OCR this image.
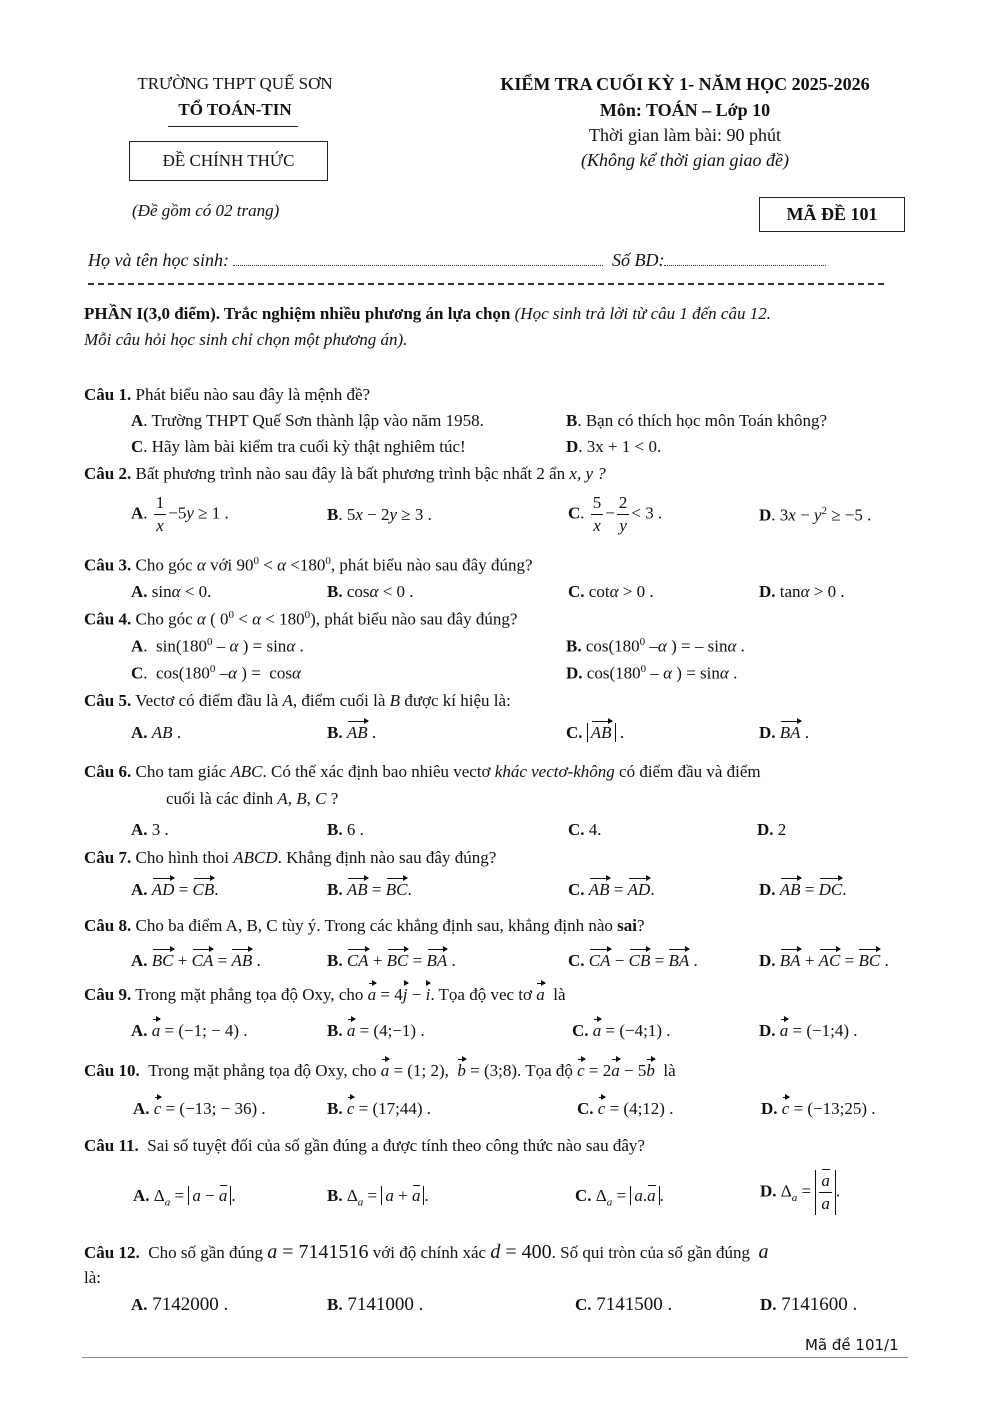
TRƯỜNG THPT QUẾ SƠN
TỔ TOÁN-TIN
ĐỀ CHÍNH THỨC
(Đề gồm có 02 trang)
KIỂM TRA CUỐI KỲ 1- NĂM HỌC 2025-2026
Môn: TOÁN – Lớp 10
Thời gian làm bài: 90 phút
(Không kể thời gian giao đề)
MÃ ĐỀ 101
Họ và tên học sinh:	Số BD:
PHẦN I(3,0 điểm). Trắc nghiệm nhiều phương án lựa chọn (Học sinh trả lời từ câu 1 đến câu 12.
Mỗi câu hỏi học sinh chỉ chọn một phương án).
Câu 1. Phát biểu nào sau đây là mệnh đề?
A. Trường THPT Quế Sơn thành lập vào năm 1958.	B. Bạn có thích học môn Toán không?
C. Hãy làm bài kiểm tra cuối kỳ thật nghiêm túc!	D. 3x + 1 < 0.
Câu 2. Bất phương trình nào sau đây là bất phương trình bậc nhất 2 ẩn x, y ?
A. $\frac{1}{x} -5y \ge 1$ .	B. 5x − 2y ≥ 3 .	C. $\frac{5}{x} - \frac{2}{y} < 3$ .	D. $3x - y^2 \ge -5$ .
Câu 3. Cho góc α với $90^0 < \alpha <180^0$, phát biểu nào sau đây đúng?
A. sinα < 0.	B. cosα < 0 .	C. cotα > 0 .	D. tanα > 0 .
Câu 4. Cho góc α ( $0^0 < \alpha < 180^0$), phát biểu nào sau đây đúng?
A.  $\sin(180^0$ – α ) = sinα .	B. $\cos(180^0$ –α ) = – sinα .
C.  $\cos(180^0$ –α ) =  cosα	D. $\cos(180^0$ – α ) = sinα .
Câu 5. Vectơ có điểm đầu là A, điểm cuối là B được kí hiệu là:
A. AB .	B. AB .	C. AB .	D. BA .
Câu 6. Cho tam giác ABC. Có thể xác định bao nhiêu vectơ khác vectơ-không có điểm đầu và điểm
cuối là các đỉnh A, B, C ?
A. 3 .	B. 6 .	C. 4.	D. 2
Câu 7. Cho hình thoi ABCD. Khẳng định nào sau đây đúng?
A. AD = CB.	B. AB = BC.	C. AB = AD.	D. AB = DC.
Câu 8. Cho ba điểm A, B, C tùy ý. Trong các khẳng định sau, khẳng định nào sai?
A. BC + CA = AB .	B. CA + BC = BA .	C. CA − CB = BA .	D. BA + AC = BC .
Câu 9. Trong mặt phẳng tọa độ Oxy, cho a = 4j − i. Tọa độ vec tơ a là
A. a = (−1; − 4) .	B. a = (4;−1) .	C. a = (−4;1) .	D. a = (−1;4) .
Câu 10. Trong mặt phẳng tọa độ Oxy, cho a = (1; 2),  b = (3;8). Tọa độ c = 2a − 5b là
A. c = (−13; − 36) .	B. c = (17;44) .	C. c = (4;12) .	D. c = (−13;25) .
Câu 11. Sai số tuyệt đối của số gần đúng a được tính theo công thức nào sau đây?
A. $\Delta_a = a - a$ .	B. $\Delta_a = a + a$ .	C. $\Delta_a = a.a$ .	D. $\Delta_a = \frac{a}{a}$ .
Câu 12. Cho số gần đúng a = 7141516 với độ chính xác d = 400. Số qui tròn của số gần đúng a
là:
A. 7142000 .	B. 7141000 .	C. 7141500 .	D. 7141600 .
Mã đề 101/1
